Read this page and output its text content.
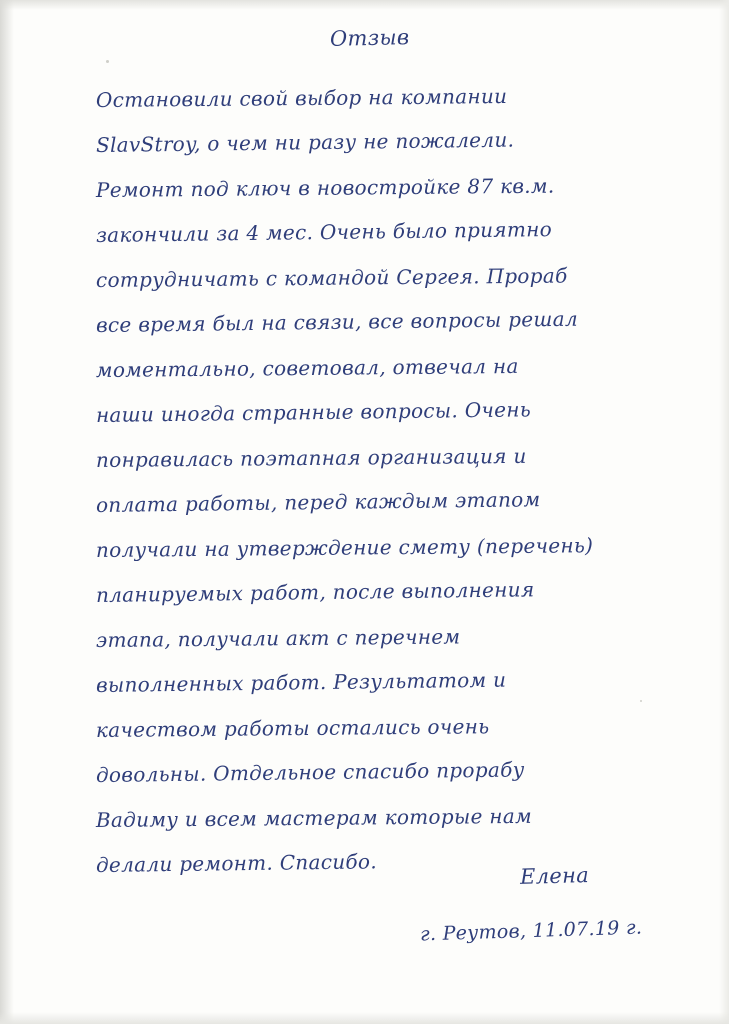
Отзыв
Остановили свой выбор на компании
SlavStroy, о чем ни разу не пожалели.
Ремонт под ключ в новостройке 87 кв.м.
закончили за 4 мес. Очень было приятно
сотрудничать с командой Сергея. Прораб
все время был на связи, все вопросы решал
моментально, советовал, отвечал на
наши иногда странные вопросы. Очень
понравилась поэтапная организация и
оплата работы, перед каждым этапом
получали на утверждение смету (перечень)
планируемых работ, после выполнения
этапа, получали акт с перечнем
выполненных работ. Результатом и
качеством работы остались очень
довольны. Отдельное спасибо прорабу
Вадиму и всем мастерам которые нам
делали ремонт. Спасибо.	Елена
г. Реутов, 11.07.19 г.
